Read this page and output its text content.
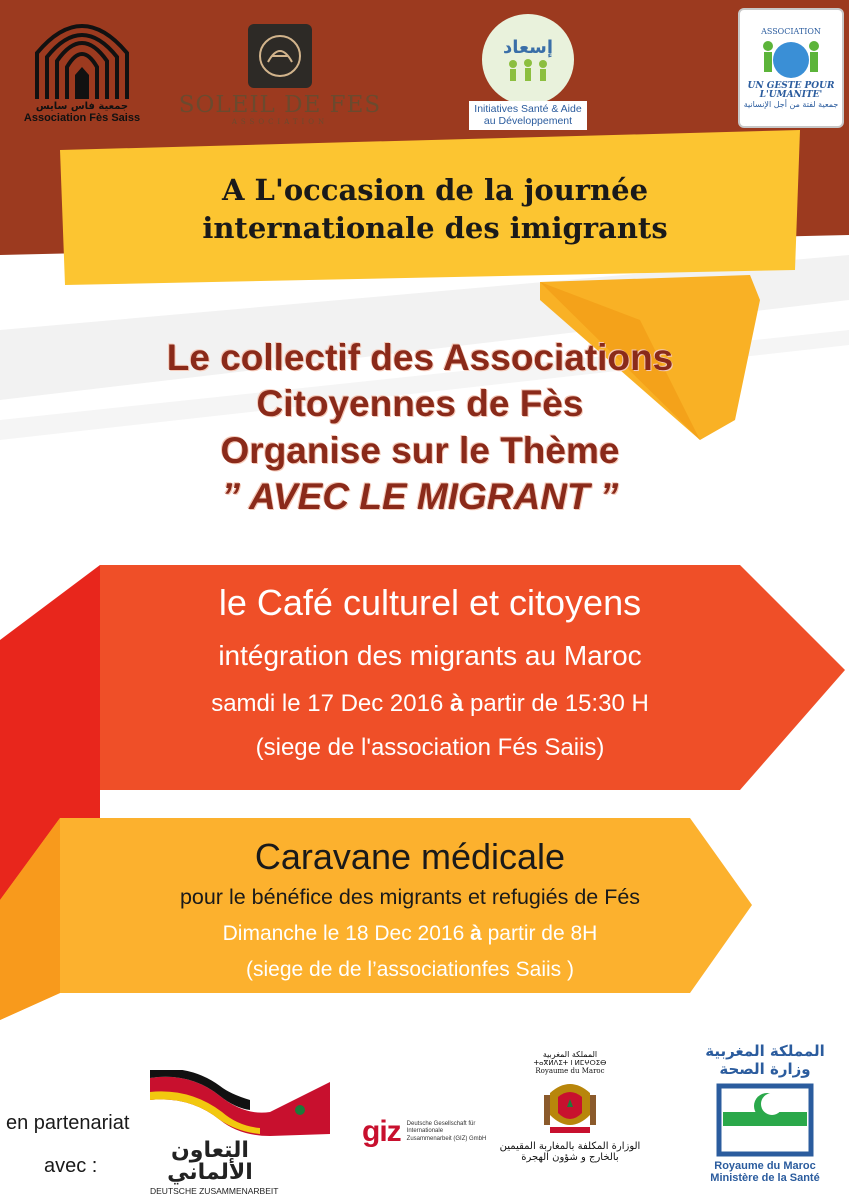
جمعية فاس سايس
Association Fès Saiss SOLEIL DE FES
ASSOCIATION
إسعاد
Initiatives Santé & Aide au Développement
ASSOCIATION
UN GESTE POUR L'UMANITE'
جمعية لفتة من أجل الإنسانية
A L'occasion de la journée
internationale des imigrants
Le collectif des Associations
Citoyennes de Fès
Organise sur le Thème
” AVEC LE MIGRANT ”
le Café culturel et citoyens
intégration des migrants au Maroc
samdi le 17 Dec 2016 à partir de 15:30 H
(siege de l'association Fés Saiis)
Caravane médicale
pour le bénéfice des migrants et refugiés de Fés
Dimanche le 18 Dec 2016 à partir de 8H
(siege de de l’associationfes Saiis )
en partenariat
avec :
التعاون
الألماني
DEUTSCHE ZUSAMMENARBEIT
giz Deutsche Gesellschaft für Internationale Zusammenarbeit (GIZ) GmbH
المملكة المغربية
ⵜⴰⴳⵍⴷⵉⵜ ⵏ ⵍⵎⵖⵔⵉⴱ
Royaume du Maroc
الوزارة المكلفة بالمغاربة المقيمين
بالخارج و شؤون الهجرة
المملكة المغربية
وزارة الصحة
Royaume du Maroc
Ministère de la Santé
